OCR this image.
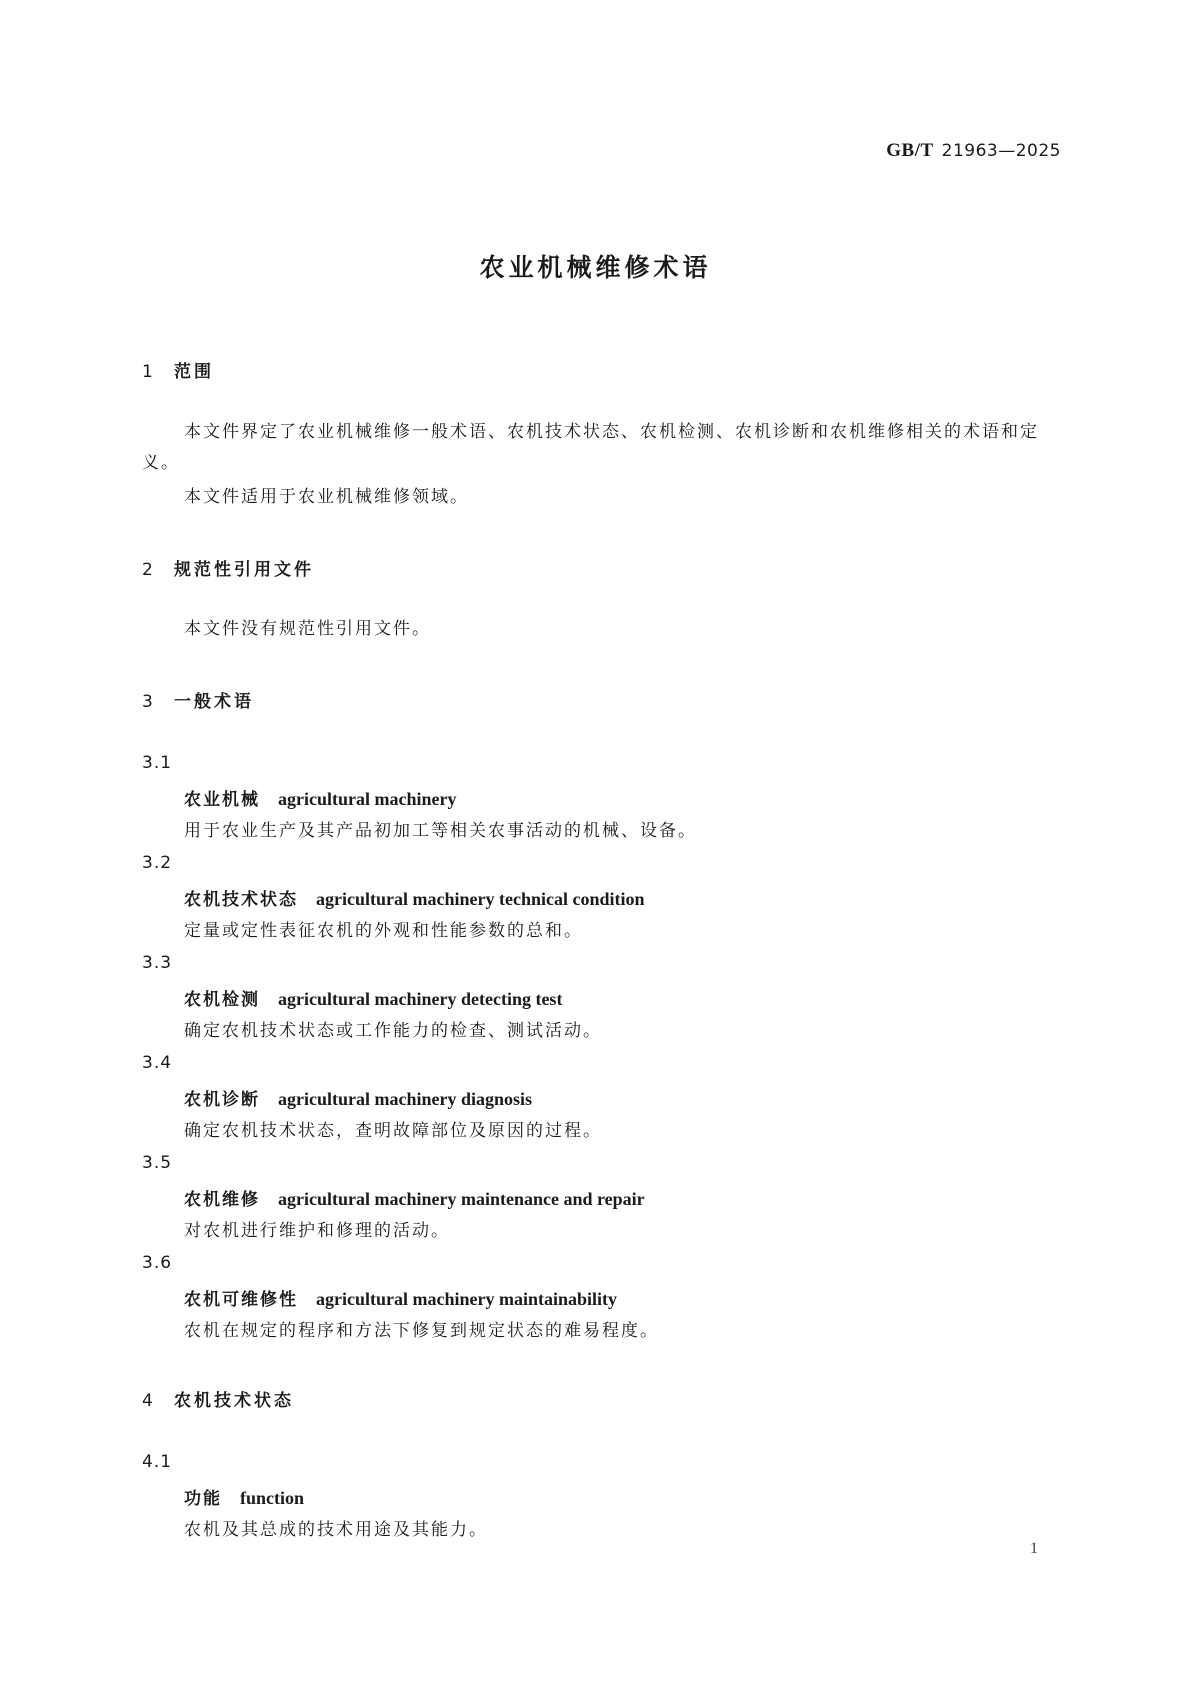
GB/T 21963—2025
农业机械维修术语
1 范围
本文件界定了农业机械维修一般术语、农机技术状态、农机检测、农机诊断和农机维修相关的术语和定义。
本文件适用于农业机械维修领域。
2 规范性引用文件
本文件没有规范性引用文件。
3 一般术语
3.1
农业机械 agricultural machinery
用于农业生产及其产品初加工等相关农事活动的机械、设备。
3.2
农机技术状态 agricultural machinery technical condition
定量或定性表征农机的外观和性能参数的总和。
3.3
农机检测 agricultural machinery detecting test
确定农机技术状态或工作能力的检查、测试活动。
3.4
农机诊断 agricultural machinery diagnosis
确定农机技术状态，查明故障部位及原因的过程。
3.5
农机维修 agricultural machinery maintenance and repair
对农机进行维护和修理的活动。
3.6
农机可维修性 agricultural machinery maintainability
农机在规定的程序和方法下修复到规定状态的难易程度。
4 农机技术状态
4.1
功能 function
农机及其总成的技术用途及其能力。
1
